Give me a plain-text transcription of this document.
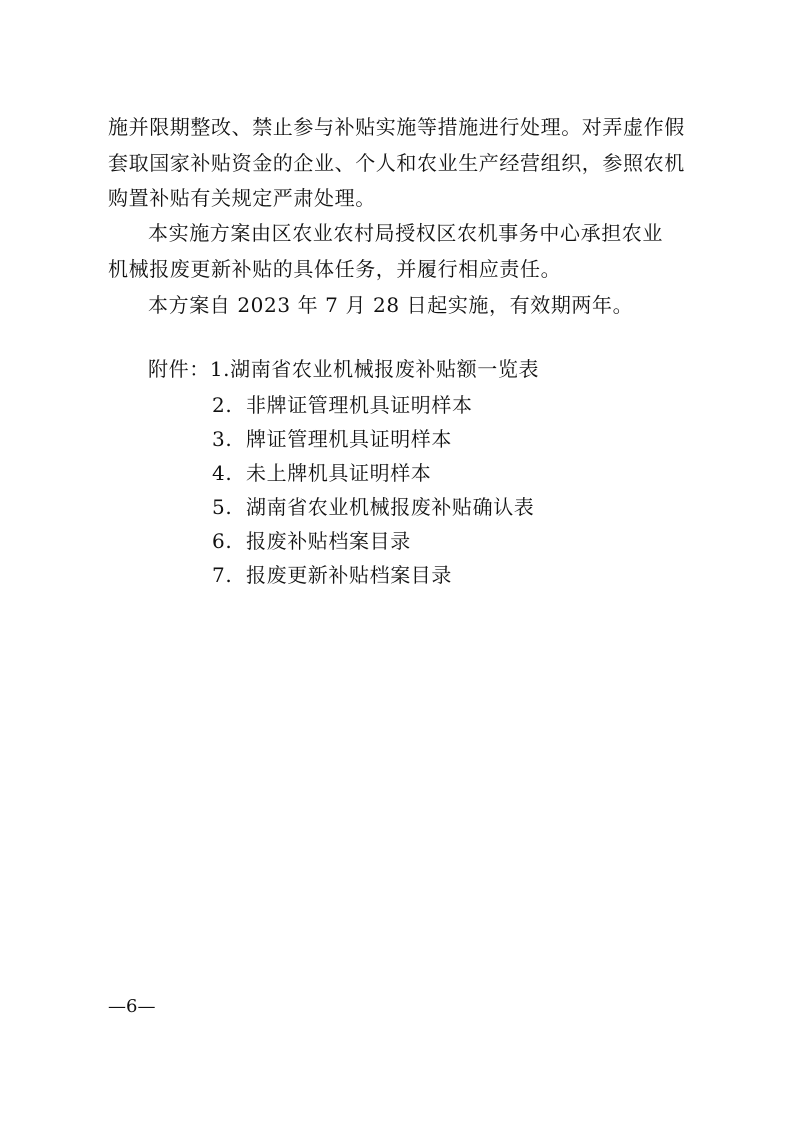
施并限期整改、禁止参与补贴实施等措施进行处理。对弄虚作假
套取国家补贴资金的企业、个人和农业生产经营组织，参照农机
购置补贴有关规定严肃处理。

本实施方案由区农业农村局授权区农机事务中心承担农业
机械报废更新补贴的具体任务，并履行相应责任。

本方案自 2023 年 7 月 28 日起实施，有效期两年。

附件：1.湖南省农业机械报废补贴额一览表
2. 非牌证管理机具证明样本
3. 牌证管理机具证明样本
4. 未上牌机具证明样本
5. 湖南省农业机械报废补贴确认表
6. 报废补贴档案目录
7. 报废更新补贴档案目录
—6—
